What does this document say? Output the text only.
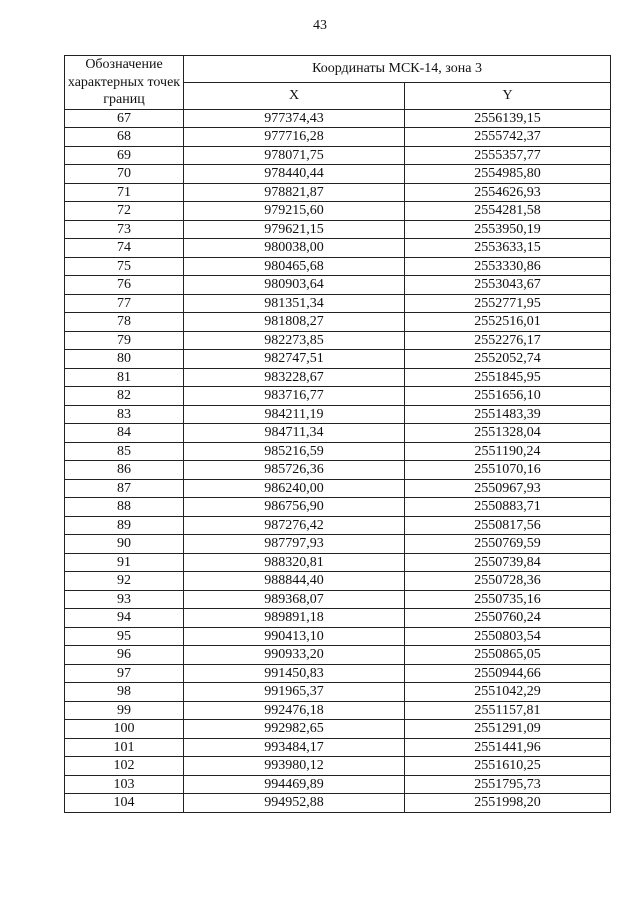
43
Обозначение характерных точек границ	Координаты МСК-14, зона 3	
	X	Y
67	977374,43	2556139,15
68	977716,28	2555742,37
69	978071,75	2555357,77
70	978440,44	2554985,80
71	978821,87	2554626,93
72	979215,60	2554281,58
73	979621,15	2553950,19
74	980038,00	2553633,15
75	980465,68	2553330,86
76	980903,64	2553043,67
77	981351,34	2552771,95
78	981808,27	2552516,01
79	982273,85	2552276,17
80	982747,51	2552052,74
81	983228,67	2551845,95
82	983716,77	2551656,10
83	984211,19	2551483,39
84	984711,34	2551328,04
85	985216,59	2551190,24
86	985726,36	2551070,16
87	986240,00	2550967,93
88	986756,90	2550883,71
89	987276,42	2550817,56
90	987797,93	2550769,59
91	988320,81	2550739,84
92	988844,40	2550728,36
93	989368,07	2550735,16
94	989891,18	2550760,24
95	990413,10	2550803,54
96	990933,20	2550865,05
97	991450,83	2550944,66
98	991965,37	2551042,29
99	992476,18	2551157,81
100	992982,65	2551291,09
101	993484,17	2551441,96
102	993980,12	2551610,25
103	994469,89	2551795,73
104	994952,88	2551998,20
